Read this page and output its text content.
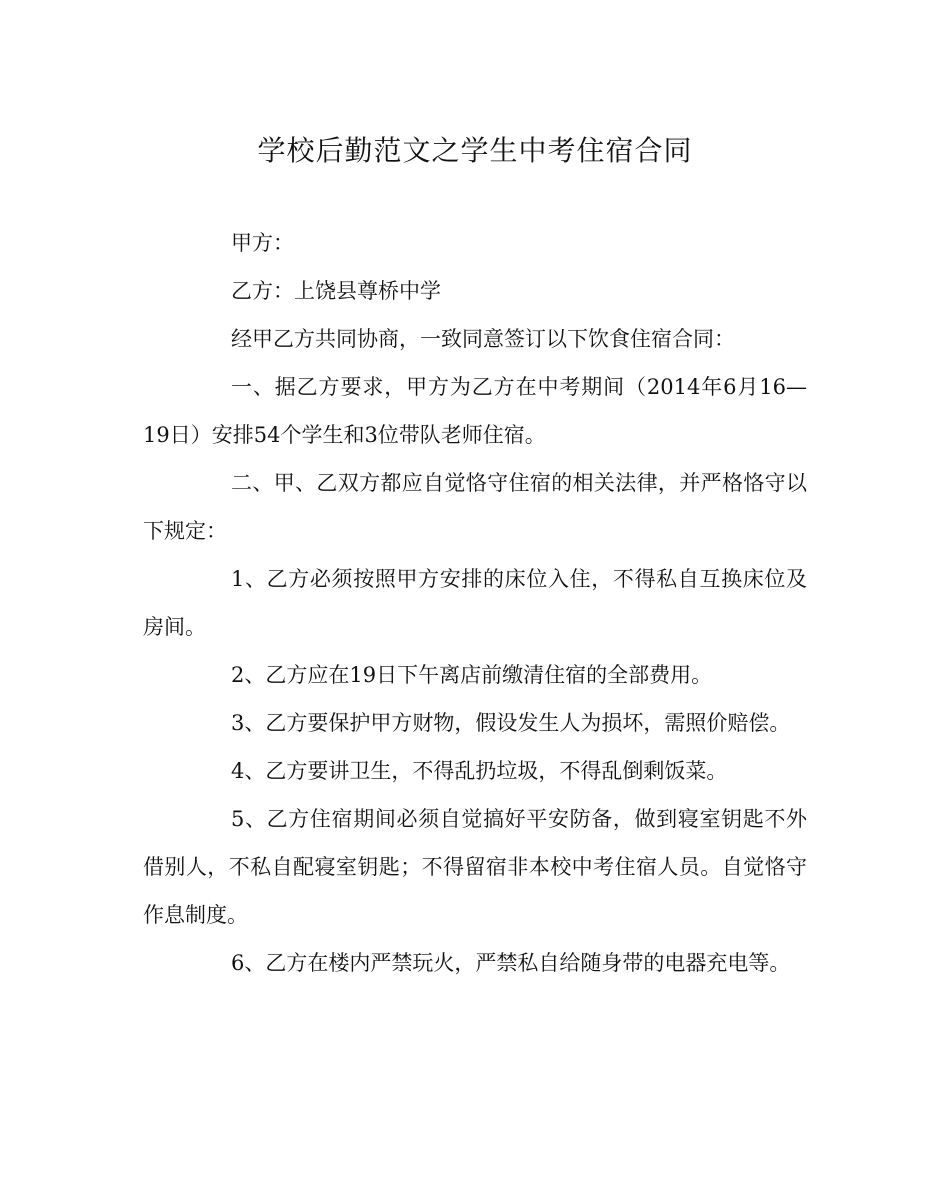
学校后勤范文之学生中考住宿合同

甲方：

乙方：上饶县尊桥中学

经甲乙方共同协商，一致同意签订以下饮食住宿合同：

一、据乙方要求，甲方为乙方在中考期间（2014年6月16—19日）安排54个学生和3位带队老师住宿。

二、甲、乙双方都应自觉恪守住宿的相关法律，并严格恪守以下规定：

1、乙方必须按照甲方安排的床位入住，不得私自互换床位及房间。

2、乙方应在19日下午离店前缴清住宿的全部费用。

3、乙方要保护甲方财物，假设发生人为损坏，需照价赔偿。

4、乙方要讲卫生，不得乱扔垃圾，不得乱倒剩饭菜。

5、乙方住宿期间必须自觉搞好平安防备，做到寝室钥匙不外借别人，不私自配寝室钥匙；不得留宿非本校中考住宿人员。自觉恪守作息制度。

6、乙方在楼内严禁玩火，严禁私自给随身带的电器充电等。
